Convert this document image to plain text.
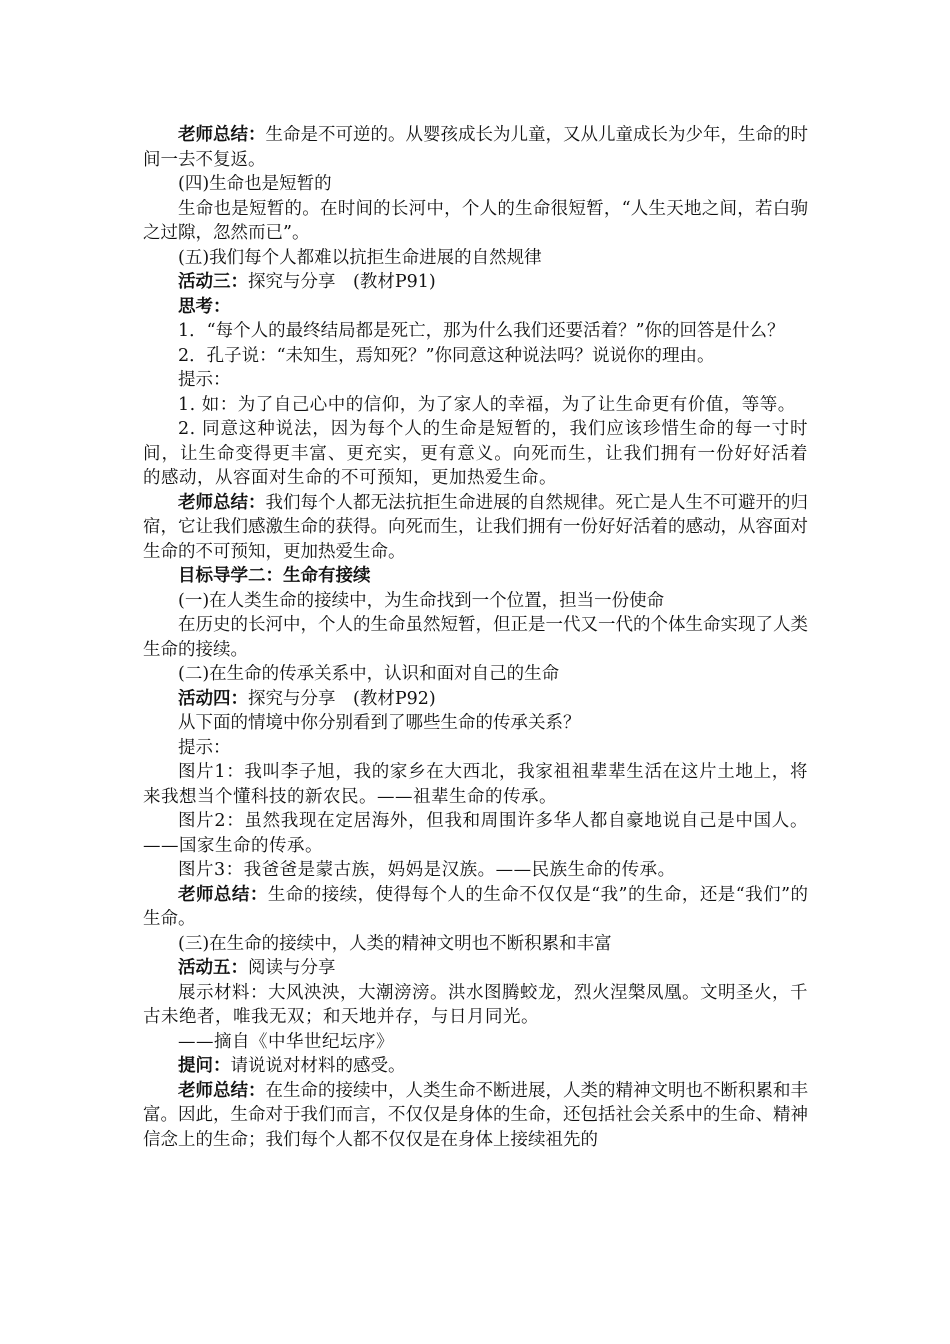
老师总结：生命是不可逆的。从婴孩成长为儿童，又从儿童成长为少年，生命的时间一去不复返。

(四)生命也是短暂的

生命也是短暂的。在时间的长河中，个人的生命很短暂，“人生天地之间，若白驹之过隙，忽然而已”。

(五)我们每个人都难以抗拒生命进展的自然规律

活动三：探究与分享　(教材P91)

思考：

1．“每个人的最终结局都是死亡，那为什么我们还要活着？”你的回答是什么？

2．孔子说：“未知生，焉知死？”你同意这种说法吗？说说你的理由。

提示：

1. 如：为了自己心中的信仰，为了家人的幸福，为了让生命更有价值，等等。

2. 同意这种说法，因为每个人的生命是短暂的，我们应该珍惜生命的每一寸时间，让生命变得更丰富、更充实，更有意义。向死而生，让我们拥有一份好好活着的感动，从容面对生命的不可预知，更加热爱生命。

老师总结：我们每个人都无法抗拒生命进展的自然规律。死亡是人生不可避开的归宿，它让我们感激生命的获得。向死而生，让我们拥有一份好好活着的感动，从容面对生命的不可预知，更加热爱生命。

目标导学二：生命有接续

(一)在人类生命的接续中，为生命找到一个位置，担当一份使命

在历史的长河中，个人的生命虽然短暂，但正是一代又一代的个体生命实现了人类生命的接续。

(二)在生命的传承关系中，认识和面对自己的生命

活动四：探究与分享　(教材P92)

从下面的情境中你分别看到了哪些生命的传承关系？

提示：

图片1：我叫李子旭，我的家乡在大西北，我家祖祖辈辈生活在这片土地上，将来我想当个懂科技的新农民。——祖辈生命的传承。

图片2：虽然我现在定居海外，但我和周围许多华人都自豪地说自己是中国人。——国家生命的传承。

图片3：我爸爸是蒙古族，妈妈是汉族。——民族生命的传承。

老师总结：生命的接续，使得每个人的生命不仅仅是“我”的生命，还是“我们”的生命。

(三)在生命的接续中，人类的精神文明也不断积累和丰富

活动五：阅读与分享

展示材料：大风泱泱，大潮滂滂。洪水图腾蛟龙，烈火涅槃凤凰。文明圣火，千古未绝者，唯我无双；和天地并存，与日月同光。

——摘自《中华世纪坛序》

提问：请说说对材料的感受。

老师总结：在生命的接续中，人类生命不断进展，人类的精神文明也不断积累和丰富。因此，生命对于我们而言，不仅仅是身体的生命，还包括社会关系中的生命、精神信念上的生命；我们每个人都不仅仅是在身体上接续祖先的
